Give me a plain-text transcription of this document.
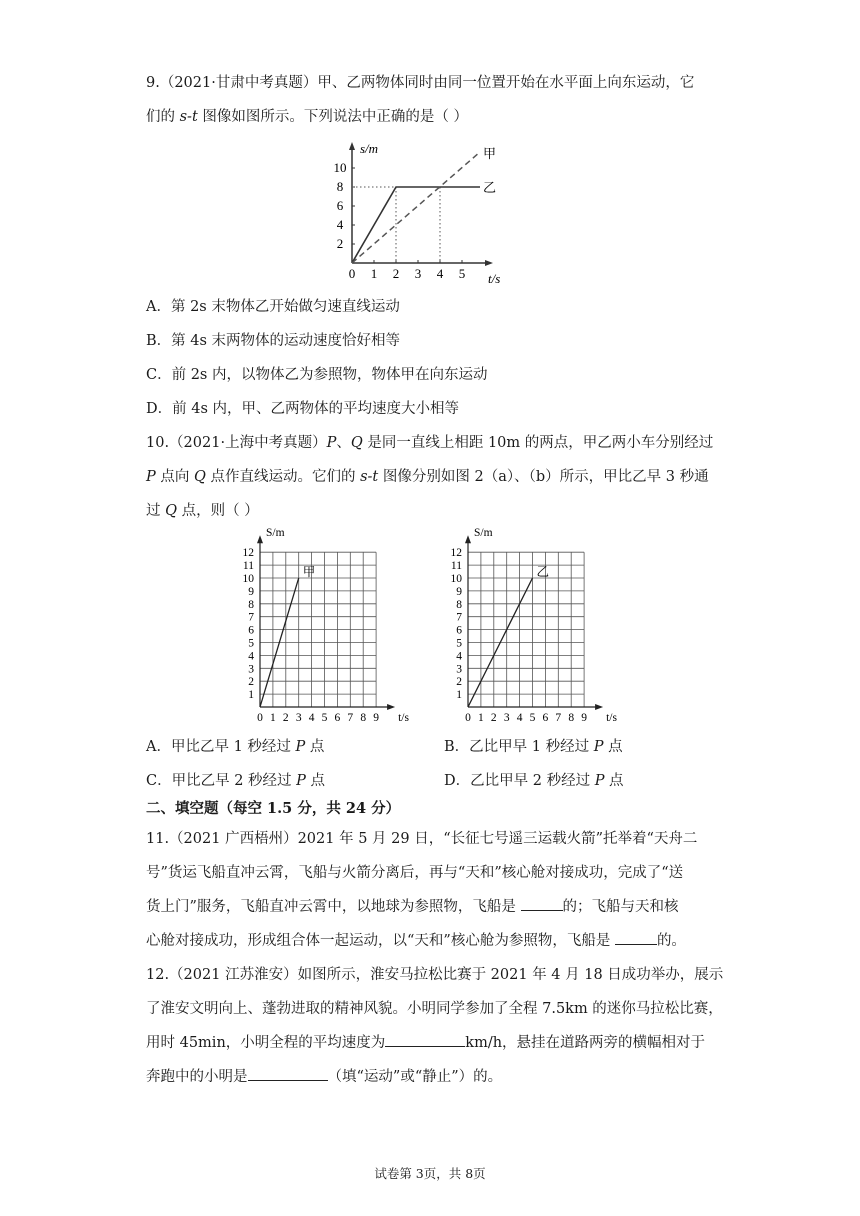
9.（2021·甘肃中考真题）甲、乙两物体同时由同一位置开始在水平面上向东运动，它
们的 s-t 图像如图所示。下列说法中正确的是（ ）
2
4
6
8
10
0 1 2 3 4 5
s/m
t/s
甲
乙
A．第 2s 末物体乙开始做匀速直线运动
B．第 4s 末两物体的运动速度恰好相等
C．前 2s 内，以物体乙为参照物，物体甲在向东运动
D．前 4s 内，甲、乙两物体的平均速度大小相等
10.（2021·上海中考真题）P、Q 是同一直线上相距 10m 的两点，甲乙两小车分别经过
P 点向 Q 点作直线运动。它们的 s-t 图像分别如图 2（a）、（b）所示，甲比乙早 3 秒通
过 Q 点，则（ ）
1
2
3
4
5
6
7
8
9
10
11
12
0 1 2 3 4 5 6 7 8 9
S/m
t/s
甲
1
2
3
4
5
6
7
8
9
10
11
12
0 1 2 3 4 5 6 7 8 9
S/m
t/s
乙
A．甲比乙早 1 秒经过 P 点	B．乙比甲早 1 秒经过 P 点
C．甲比乙早 2 秒经过 P 点	D．乙比甲早 2 秒经过 P 点
二、填空题（每空 1.5 分，共 24 分）
11.（2021 广西梧州）2021 年 5 月 29 日，“长征七号遥三运载火箭”托举着“天舟二
号”货运飞船直冲云霄，飞船与火箭分离后，再与“天和”核心舱对接成功，完成了“送
货上门”服务，飞船直冲云霄中，以地球为参照物，飞船是	的；飞船与天和核
心舱对接成功，形成组合体一起运动，以“天和”核心舱为参照物，飞船是	的。
12.（2021 江苏淮安）如图所示，淮安马拉松比赛于 2021 年 4 月 18 日成功举办，展示
了淮安文明向上、蓬勃进取的精神风貌。小明同学参加了全程 7.5km 的迷你马拉松比赛，
用时 45min，小明全程的平均速度为	km/h，悬挂在道路两旁的横幅相对于
奔跑中的小明是	（填“运动”或“静止”）的。
试卷第 3页，共 8页
